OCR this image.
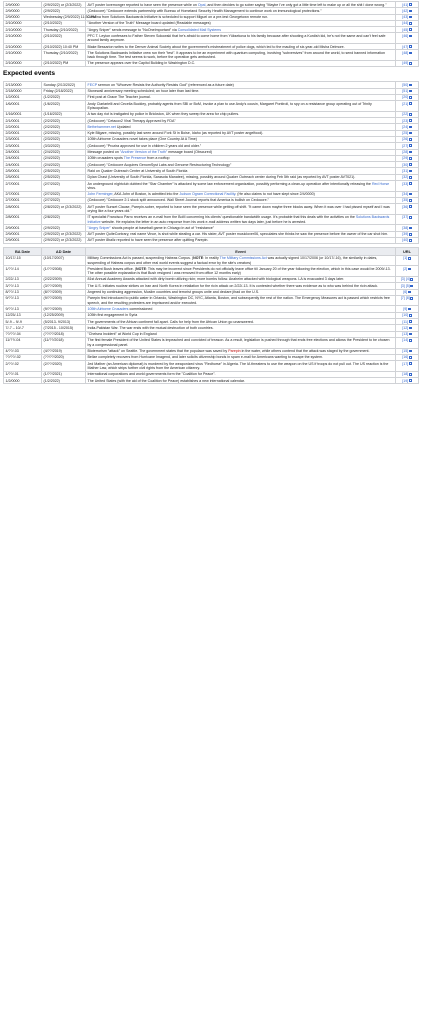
2/9/0000	(2/9/2022) or (2/3/2022)	AVT poster lovemonger reported to have seen the presence while on Opal, and then decides to go sober saying "Maybe I've only got a little time left to make up or all the shit I done wrong."	[41]
2/9/0000	(2/9/2022)	(Cedocore) "Cedocore extends partnership with Bureau of Homeland Security Health Management to continue work on immunological protections."	[42]
2/9/0000	Wednesday (2/9/2022) 11:30 PM	Carolina from Solutions Backwards Initiative is scheduled to support Miguel on a pre-test Georgetown remote run.	[43]
2/10/0000	(2/10/2022)	"Another Version of the Truth" Message board updated (Readable messages)	[44]
2/10/0000	Thursday (2/10/2022)	"Angry Sniper" sends message to "NoOneImportant" via Consolidated Mail Systems	[45]
2/10/0000	(2/10/2022)	PFC T. Leyton confesses to Father Steven Sokowski that he's afraid to come home from Yüksekova to his family because after shooting a Kurdish kid, he's not the same and can't feel safe around family anymore.	[46]
2/10/0000	(2/10/2022) 10:40 PM	Blake Bessarion writes to the Denver Animal Society about the government's mistreatment of police dogs, which led to the mauling of six-year-old Misha Delmore.	[47]
2/10/0000	Thursday (2/10/2022)	The Solutions Backwards Initiative crew run their "test". It appears to be an experiment with quantum computing, involving "subversives" from around the world, to send banned information back through time. The test seems to work, before the operation gets ambushed.	[48]
2/10/0000	(2/10/2022) PM	The presence appears over the Capitol Building in Washington D.C.	[49]
Expected events
2/13/0000	Sunday (2/13/2022)	FECP sermon on "Whoever Resists the Authority Resists God" (referenced as a future date)	[50]
2/18/0000	Friday (2/18/2022)	Stonewall anniversary meeting scheduled; an hour later than last time.	[51]
1/2/0001	(1/2/2022)	First post at Grace The Teacher journal.	[20]
1/6/0001	(1/6/2022)	Andy Ciarlarielli and Cecelia Buckley, probably agents from SBI or BoM, invoke a plan to use Andy's cousin, Margaret Pontiroli, to spy on a resistance group operating out of Trinity Episcopalian.	[21]
1/16/0001	(1/16/2022)	A two day riot is instigated by police in Brickston, UK when they sweep the area for chip pullers.	[22]
2/1/0001	(2/2/2022)	(Cedocore) "Cetacox2 Viral Therapy Approved by FDA"	[23]
2/2/0001	(2/2/2022)	Bethehammer.net Updated	[24]
2/2/0001	(2/2/2022)	Kyle Bilgare, missing, possibly last seen around Fork St in Boise, Idaho (as reported by AVT poster angelfood).	[25]
2/3/0001	(2/3/2022)	105th Airborne Crusaders novel takes place (One Country At A Time)	[26]
2/3/0001	(3/3/2022)	(Cedocore) "Prozira approved for use in children 2 years old and older."	[27]
2/4/0001	(2/4/2022)	Message posted on "Another Version of the Truth" message board (Obscured)	[28]
2/4/0001	(2/4/2022)	105th crusaders spots The Presence from a rooftop	[29]
2/4/0001	(2/4/2022)	(Cedocore) "Cedocore Acquires GenomSyst Labs and Genome Restructuring Technology"	[30]
2/5/0001	(2/5/2022)	Raid on Quaker Outreach Center at University of South Florida	[31]
2/5/0001	(2/5/2022)	Dylan Chast (University of South Florida, Sarasota Manatee), missing, possibly around Quaker Outreach center during Feb 5th raid (as reported by AVT poster AVT021).	[32]
2/7/0001	(2/7/2022)	An underground nightclub dubbed the "Star Chamber" is attacked by some law enforcement organization, possibly performing a clean-up operation after intentionally releasing the Red Horse virus.	[33]
2/7/0001	(2/7/2022)	John Ferminger, AKA John of Boston, is admitted into the Judson Ogram Correctional Facility. (He also claims to not have slept since 2/4/0000)	[34]
2/7/0001	(2/7/2022)	(Cedocore) "Cedocore 2:1 stock split announced. Wall Street Journal reports that America is bullish on Cedocore."	[35]
2/8/0001	(2/8/2022) or (2/3/2022)	AVT poster Sunset Clause, Parepin-sober, reported to have seen the presence while getting off shift. "It came down maybe three blocks away. When it was over I had pissed myself and I was crying like a four years old."	[36]
2/8/0001	(2/8/2022)	IT specialist Francisco Parro receives an e-mail from the BoM concerning his clients' questionable bandwidth usage. It's probable that this deals with the activities on the Solutions Backwards Initiative website. He explains the letter in an auto response from his work e-mail address written two days later, just before he is arrested.	[37]
2/9/0001	(2/9/2022)	"Angry Sniper" shoots people at baseball game in Chicago in act of "resistance"	[38]
2/9/0001	(2/9/2022) or (2/3/2022)	AVT poster QuiteContrary, real name Vince, is shot while stealing a car. His sister, AVT poster musiclover06, speculates she thinks he saw the presence before the owner of the car shot him.	[39]
2/9/0001	(2/9/2022) or (2/3/2022)	AVT poster 8ballz reported to have seen the presence after quitting Parepin.	[40]
BA Date	AD Date	Event	URL
10/17/-15	(10/17/2007)	Military Commissions Act is passed, suspending Habeas Corpus. (NOTE: In reality The Military Commissions Act was actually signed 10/17/2006 (or 10/17/-16), the similarity in dates, suspending of Habeas corpus and other real world events suggest a factual error by the site's creators)	[1]
1/??/-14	(1/??/2008)	President Bush leaves office. (NOTE: This may be incorrect since Presidents do not officially leave office till January 20 of the year following the election, which in this case would be 2009/-13. The other possible explanation is that Bush resigned / was removed from office 12 months early)	[2]
2/22/-13	(2/22/2009)	81st Annual Academy Awards attacked with dirty bomb utilizing ricin; more bombs follow. Anaheim attacked with biological weapons. LA is evacuated 3 days later.	[3] [4]
3/??/-13	(3/??/2009)	The U.S. initiates nuclear strikes on Iran and North Korea in retaliation for the ricin attack on 2/22/-13. It is contested whether there was evidence as to who was behind the ricin attack.	[3] [5]
8/??/-13	(8/??/2009)	Angered by continuing aggression, Muslim countries and terrorist groups unite and declare jihad on the U.S.	[6]
9/??/-13	(9/??/2009)	Parepin first introduced to public water in Orlando, Washington DC, NYC, Atlanta, Boston, and subsequently the rest of the nation. The Emergency Measures act is passed which restricts free speech, and the resulting protesters are imprisoned and/or executed.	[7] [8]
9/??/-13	(9/??/2009)	105th Airborne Crusaders commissioned	[9]
12/25/-13	(12/25/2009)	105th first engagement in Syria	[10]
5/-9 – 9/-9	(5/2013- 9/2013)	The governments of the African continent fall apart. Calls for help from the African Union go unanswered.	[11]
7/-7 – 10/-7	(7/2015 - 10/2015)	India-Pakistan War. The war ends with the mutual destruction of both countries.	[12]
??/??/-04	(??/??/2018)	"Chelsea Incident" at World Cup in England	[13]
11/??/-04	(11/??/2018)	The first female President of the United States is impeached and convicted of treason. As a result, legislation is pushed through that ends free elections and allows the President to be chosen by a congressional panel.	[14]
4/??/-03	(4/??/2019)	Bioterrorism "attack" on Seattle. The government states that the populace was saved by Parepin in the water, while others contend that the attack was staged by the government.	[15]
??/??/-02	(??/??/2020)	Belize completely recovers from Hurricane Imagend, and later solicits citizenship bonds in spam e-mail for Americans wanting to escape the system.	[16]
2/??/-02	(2/??/2020)	Jed Mather (an American diplomat) is murdered by the weaponized virus "Redhorse" in Algeria. The IA threatens to use the weapon on the US if troops do not pull out. The US reaction is the Mather Law, which strips further civil rights from the American citizenry.	[17]
1/??/-01	(1/??/2021)	International corporations and world governments form the "Coalition for Peace".	[18]
1/2/0000	(1/2/2022)	The United States (with the aid of the Coalition for Peace) establishes a new international calendar.	[19]
